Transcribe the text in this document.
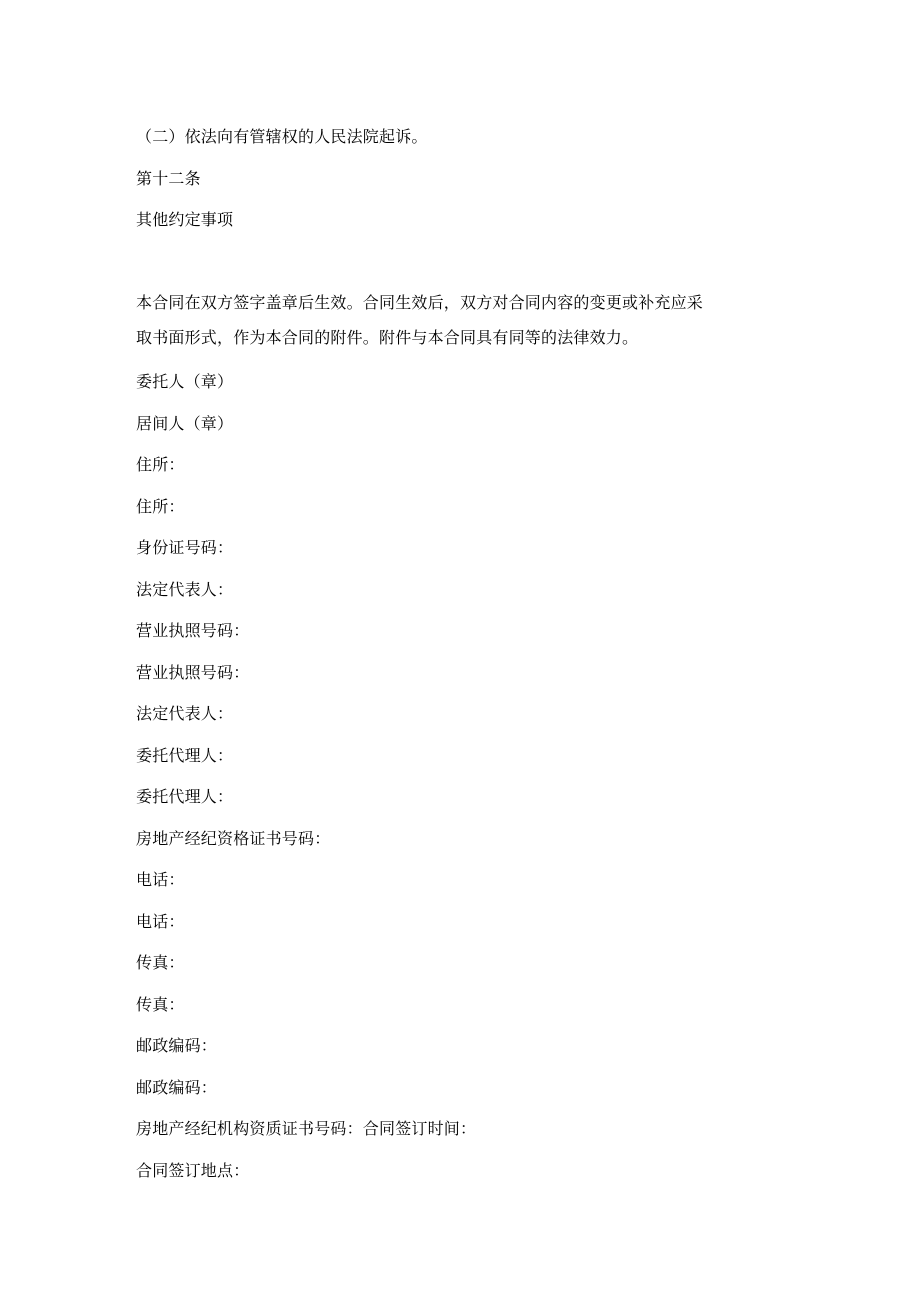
（二）依法向有管辖权的人民法院起诉。
第十二条
其他约定事项
本合同在双方签字盖章后生效。合同生效后，双方对合同内容的变更或补充应采
取书面形式，作为本合同的附件。附件与本合同具有同等的法律效力。
委托人（章）
居间人（章）
住所：
住所：
身份证号码：
法定代表人：
营业执照号码：
营业执照号码：
法定代表人：
委托代理人：
委托代理人：
房地产经纪资格证书号码：
电话：
电话：
传真：
传真：
邮政编码：
邮政编码：
房地产经纪机构资质证书号码：合同签订时间：
合同签订地点：
